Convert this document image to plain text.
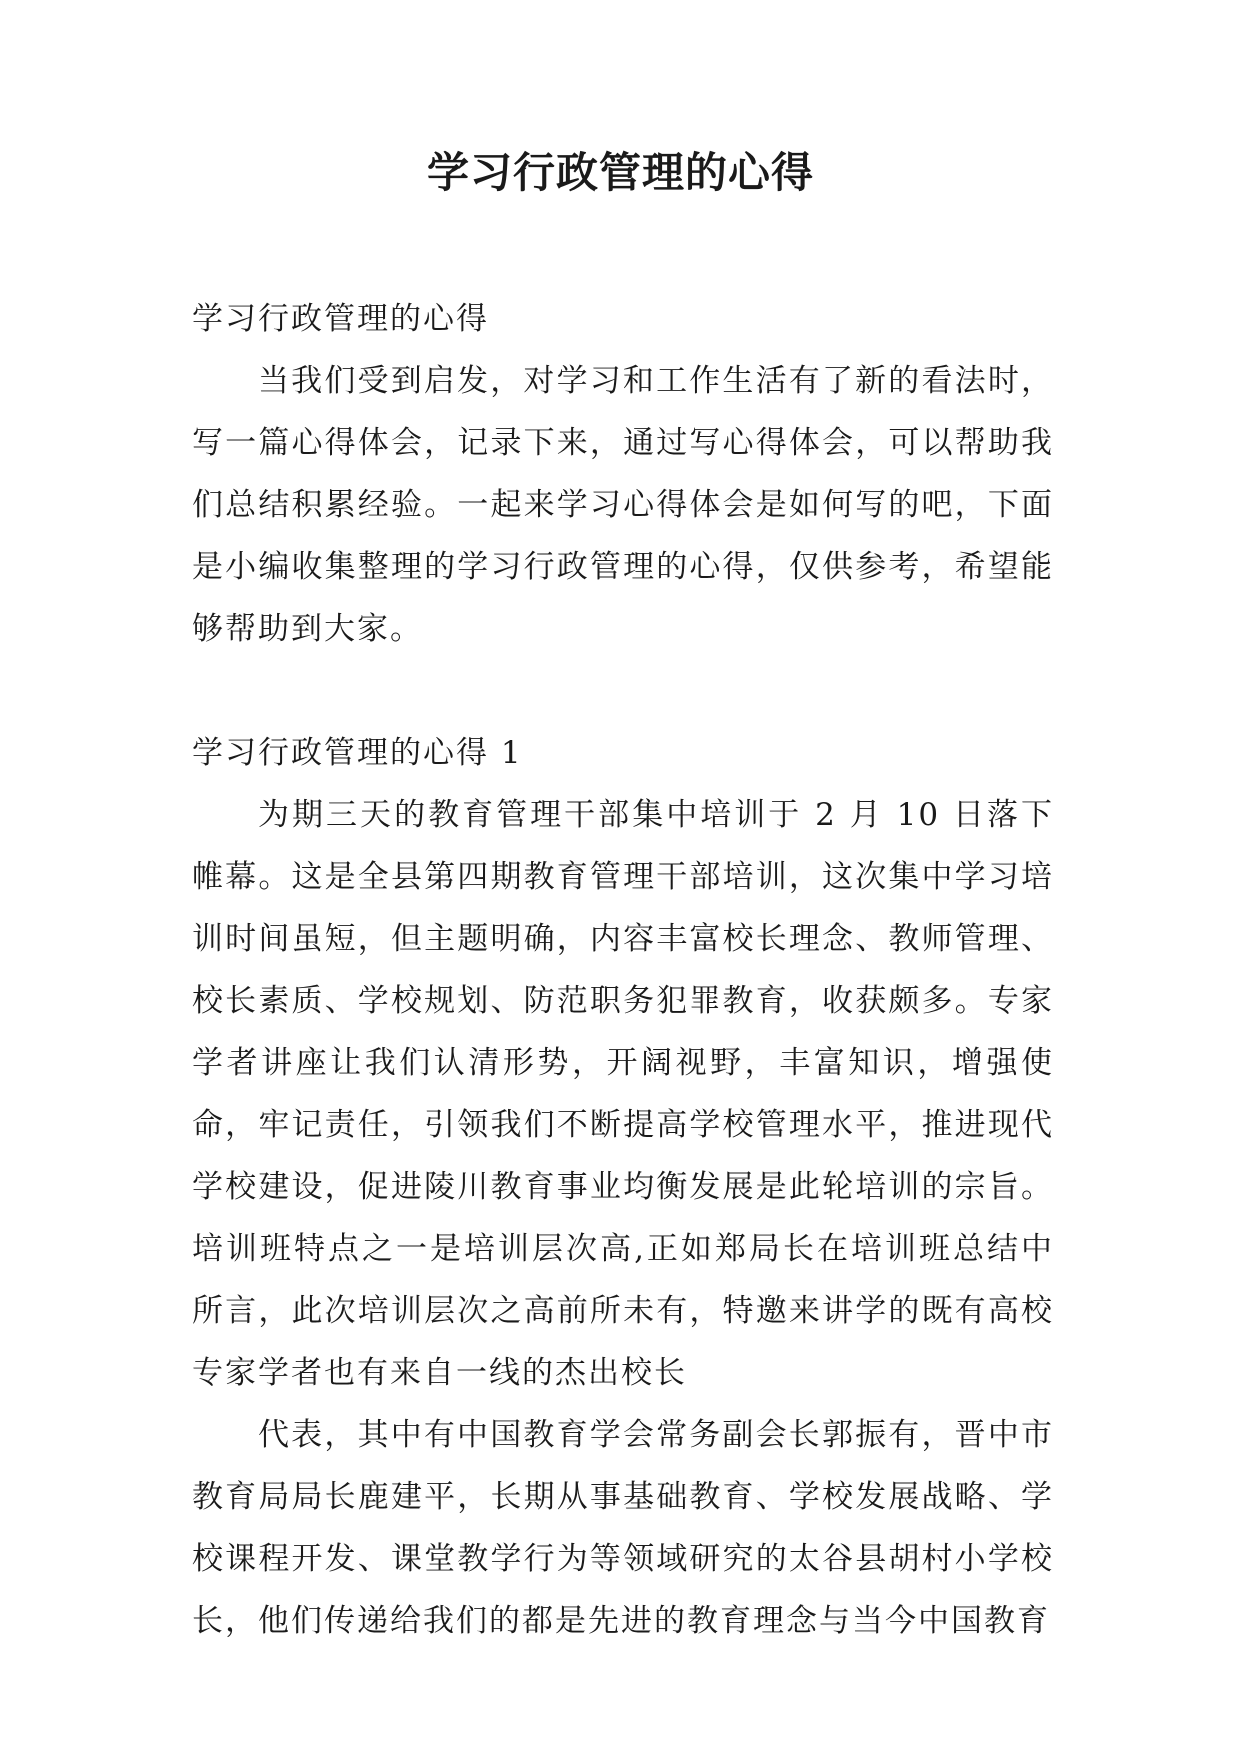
学习行政管理的心得

学习行政管理的心得

当我们受到启发，对学习和工作生活有了新的看法时，写一篇心得体会，记录下来，通过写心得体会，可以帮助我们总结积累经验。一起来学习心得体会是如何写的吧，下面是小编收集整理的学习行政管理的心得，仅供参考，希望能够帮助到大家。

学习行政管理的心得 1

为期三天的教育管理干部集中培训于 2 月 10 日落下帷幕。这是全县第四期教育管理干部培训，这次集中学习培训时间虽短，但主题明确，内容丰富校长理念、教师管理、校长素质、学校规划、防范职务犯罪教育，收获颇多。专家学者讲座让我们认清形势，开阔视野，丰富知识，增强使命，牢记责任，引领我们不断提高学校管理水平，推进现代学校建设，促进陵川教育事业均衡发展是此轮培训的宗旨。培训班特点之一是培训层次高,正如郑局长在培训班总结中所言，此次培训层次之高前所未有，特邀来讲学的既有高校专家学者也有来自一线的杰出校长

代表，其中有中国教育学会常务副会长郭振有，晋中市教育局局长鹿建平，长期从事基础教育、学校发展战略、学校课程开发、课堂教学行为等领域研究的太谷县胡村小学校长，他们传递给我们的都是先进的教育理念与当今中国教育
